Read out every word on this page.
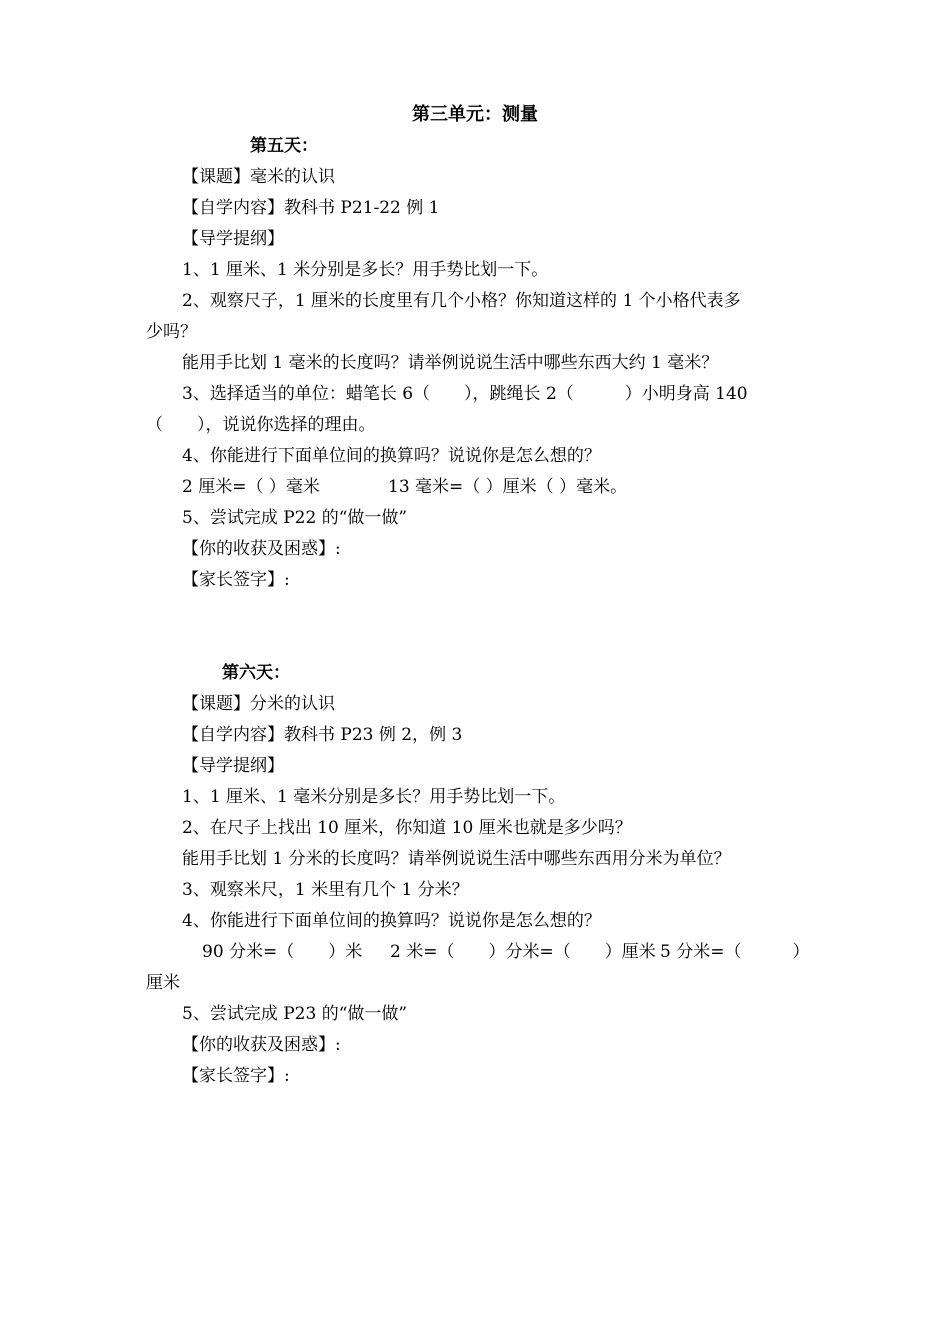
第三单元：测量
第五天：
【课题】毫米的认识
【自学内容】教科书 P21-22 例 1
【导学提纲】
1、1 厘米、1 米分别是多长？用手势比划一下。
2、观察尺子，1 厘米的长度里有几个小格？你知道这样的 1 个小格代表多
少吗？
能用手比划 1 毫米的长度吗？请举例说说生活中哪些东西大约 1 毫米？
3、选择适当的单位：蜡笔长 6（　　），跳绳长 2（　　　）小明身高 140
（　　），说说你选择的理由。
4、你能进行下面单位间的换算吗？说说你是怎么想的？
2 厘米=（ ）毫米	13 毫米=（ ）厘米（ ）毫米。
5、尝试完成 P22 的“做一做”
【你的收获及困惑】:
【家长签字】:
第六天：
【课题】分米的认识
【自学内容】教科书 P23 例 2，例 3
【导学提纲】
1、1 厘米、1 毫米分别是多长？用手势比划一下。
2、在尺子上找出 10 厘米，你知道 10 厘米也就是多少吗？
能用手比划 1 分米的长度吗？请举例说说生活中哪些东西用分米为单位？
3、观察米尺，1 米里有几个 1 分米？
4、你能进行下面单位间的换算吗？说说你是怎么想的？
90 分米=（　　）米 2 米=（　　）分米=（　　）厘米 5 分米=（　　　）
厘米
5、尝试完成 P23 的“做一做”
【你的收获及困惑】:
【家长签字】:
